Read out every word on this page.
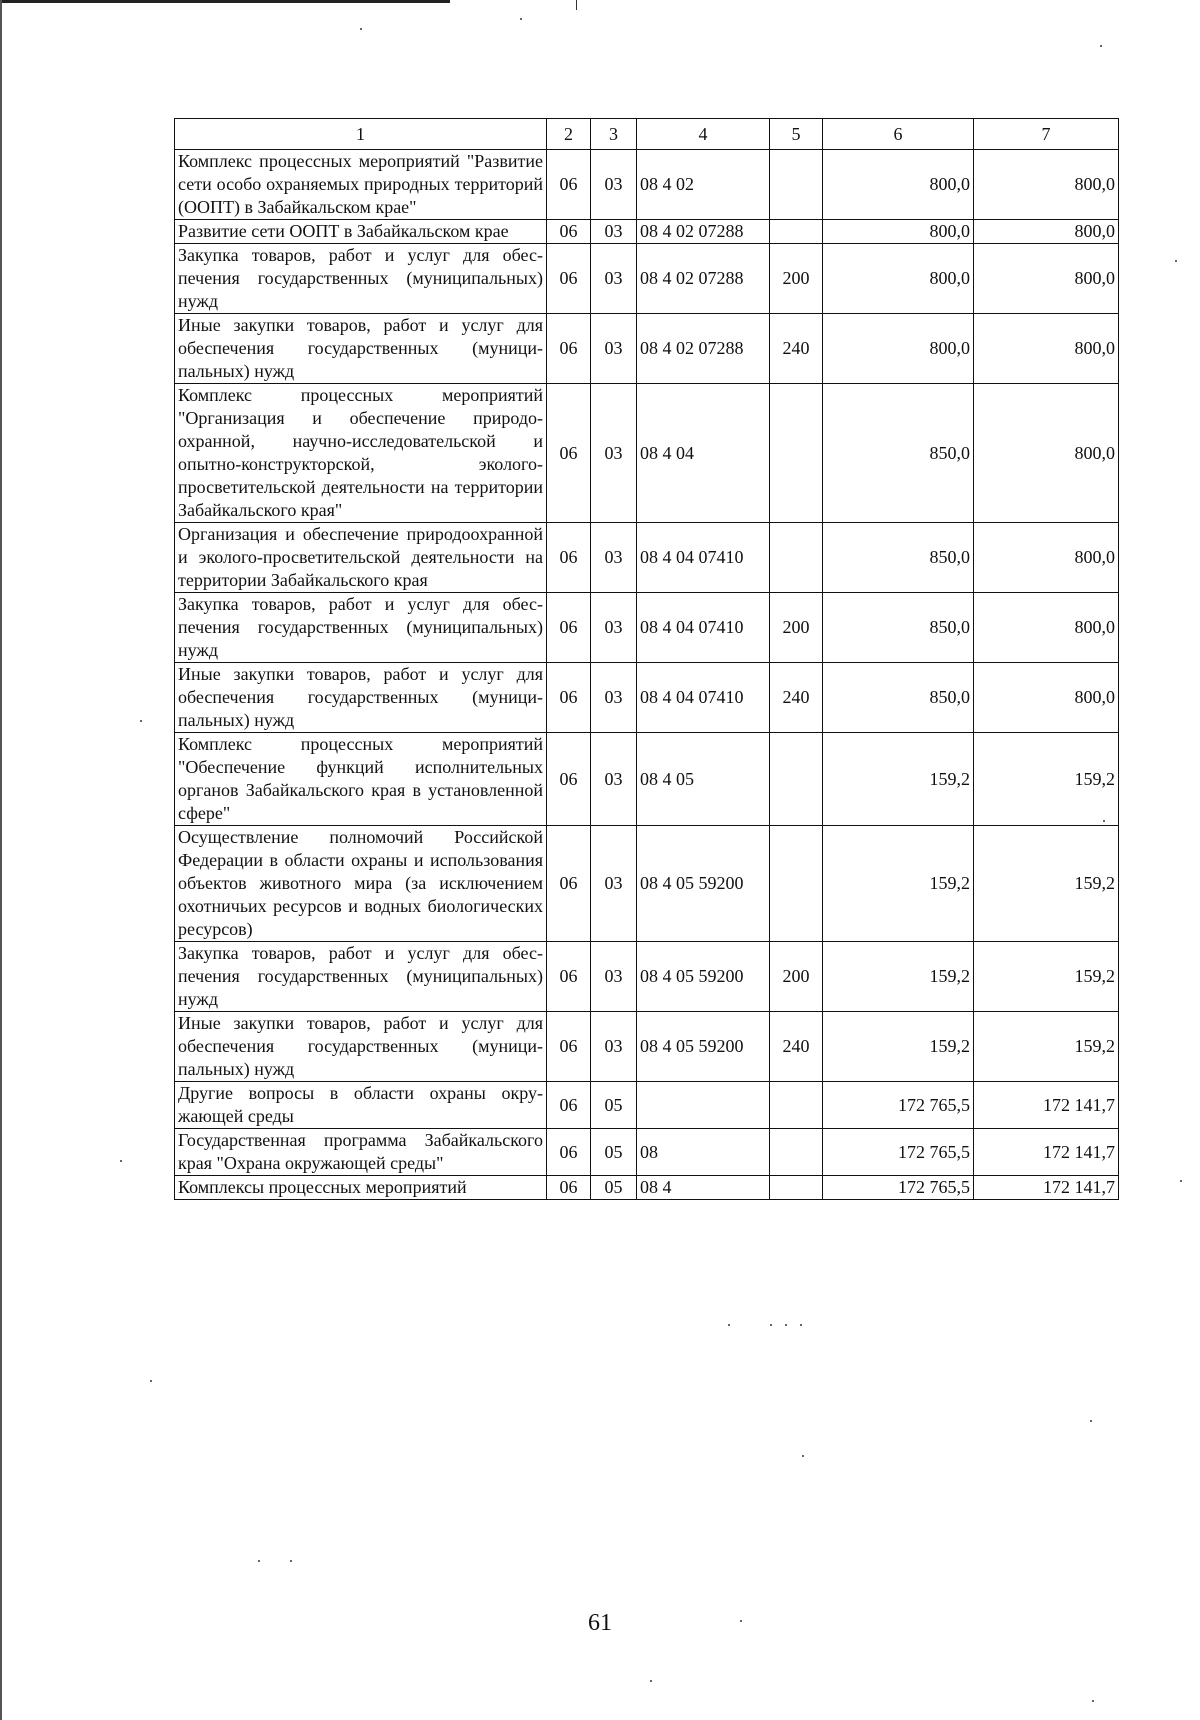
1	2	3	4	5	6	7
Комплекс процессных мероприятий "Развитие сети особо охраняемых природных территорий (ООПТ) в Забайкальском крае"	06	03	08 4 02		800,0	800,0
Развитие сети ООПТ в Забайкальском крае	06	03	08 4 02 07288		800,0	800,0
Закупка товаров, работ и услуг для обеспечения государственных (муниципальных) нужд	06	03	08 4 02 07288	200	800,0	800,0
Иные закупки товаров, работ и услуг для обеспечения государственных (муниципальных) нужд	06	03	08 4 02 07288	240	800,0	800,0
Комплекс процессных мероприятий "Организация и обеспечение природоохранной, научно-исследовательской и опытно-конструкторской, экологопросветительской деятельности на территории Забайкальского края"	06	03	08 4 04		850,0	800,0
Организация и обеспечение природоохранной и эколого-просветительской деятельности на территории Забайкальского края	06	03	08 4 04 07410		850,0	800,0
Закупка товаров, работ и услуг для обеспечения государственных (муниципальных) нужд	06	03	08 4 04 07410	200	850,0	800,0
Иные закупки товаров, работ и услуг для обеспечения государственных (муниципальных) нужд	06	03	08 4 04 07410	240	850,0	800,0
Комплекс процессных мероприятий "Обеспечение функций исполнительных органов Забайкальского края в установленной сфере"	06	03	08 4 05		159,2	159,2
Осуществление полномочий Российской Федерации в области охраны и использования объектов животного мира (за исключением охотничьих ресурсов и водных биологических ресурсов)	06	03	08 4 05 59200		159,2	159,2
Закупка товаров, работ и услуг для обеспечения государственных (муниципальных) нужд	06	03	08 4 05 59200	200	159,2	159,2
Иные закупки товаров, работ и услуг для обеспечения государственных (муниципальных) нужд	06	03	08 4 05 59200	240	159,2	159,2
Другие вопросы в области охраны окружающей среды	06	05			172 765,5	172 141,7
Государственная программа Забайкальского края "Охрана окружающей среды"	06	05	08		172 765,5	172 141,7
Комплексы процессных мероприятий	06	05	08 4		172 765,5	172 141,7
61
